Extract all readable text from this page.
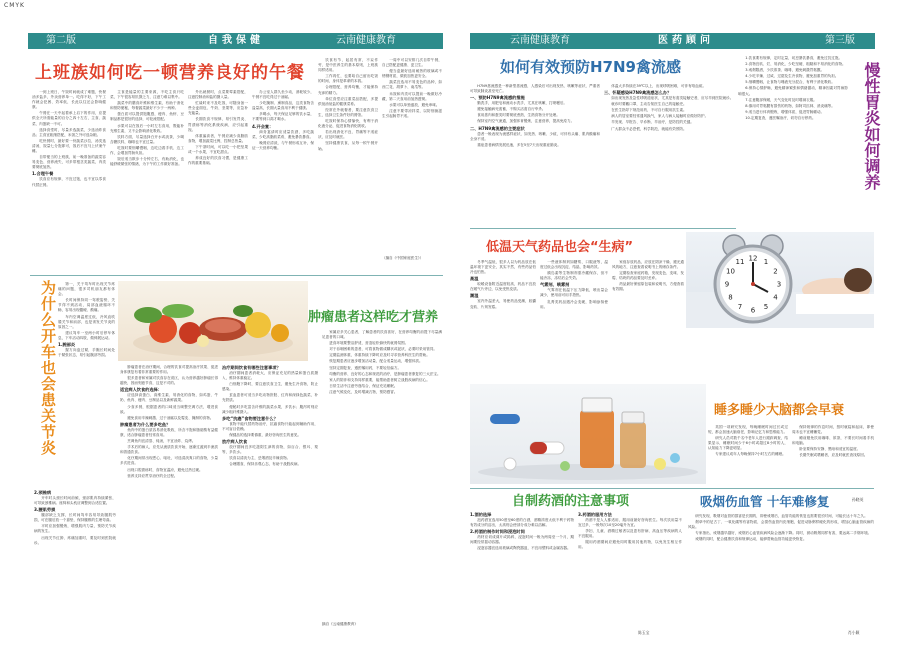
CMYK
第二版	自我保健	云南健康教育
上班族如何吃一顿营养良好的午餐

一到上班日，午饭时间就成了难题，快餐油多盐多，外卖营养单一。吃得不好，下午工作就会犯困、效率低，长此以往还会影响健康。

午餐在一天中起着承上启下的作用，应提供全天所需能量的百分之四十左右，主食、蔬菜、肉蛋缺一不可。

选择食堂时，尽量多选蔬菜，少选油炸食品；主食宜粗细搭配，米饭之外可选杂粮。

吃快餐时，最好要一份蔬菜沙拉，汤类选清汤，饭量七分饱即可，饭后不宜马上伏案午睡。

自带便当的上班族，前一晚准备的蔬菜容易变色、营养流失，可多带根茎类蔬菜，肉类要彻底加热。

1.合理午餐

饮食应有规律，不宜过饱，也不宜以零食代替正餐。

主食是能量的主要来源，不吃主食只吃菜，下午很容易饥饿乏力，注意力难以集中。

蔬菜中的膳食纤维和维生素，有助于消化和预防便秘，每餐蔬菜最好不少于一两种。

蛋白质可以提供饱腹感，瘦肉、鱼虾、豆制品都是很好的选择，可轮流搭配。

水果可以在饭后一小时左右食用，既能补充维生素，又不会影响消化吸收。

饮料方面，尽量选择白开水或淡茶，少喝含糖饮料，咖啡也不宜过量。

吃饭时要细嚼慢咽，边吃边看手机、边工作，会增加胃肠负担。

饭后适当散步十分钟左右，有助消化，也能舒缓紧张的情绪，为下午的工作做好准备。

外出就餐时，点菜要荤素搭配，注意控制油和盐的摄入量。

忙碌时来不及吃饭，可随身备一些全麦面包、牛奶、坚果等，应急补充能量。

长期饮食不规律，易引发胃炎、胃溃疡等消化系统疾病，应引起重视。

体重偏高者，午餐应减少高脂肪食物，增加蔬菜比例，控制总热量。

下午茶时间，可以吃一小把坚果或一个水果，不宜吃甜点。

养成良好的饮食习惯，是健康工作的重要基础。

办公室人群久坐少动，消耗较少，午餐不宜吃得过于油腻。

少吃腌制、熏制食品，这类食物含盐量高，长期大量食用不利于健康。

多喝水，每天保证足够的饮水量，不要等到口渴才喝水。

4.开会宴：

商务宴请时应适量饮酒，多吃蔬菜，少吃高脂肪菜肴，避免暴饮暴食。

晚餐应清淡，与午餐形成互补，保证一天营养均衡。

饮食有节，起居有常，不妄作劳，是中医养生的基本原则，上班族同样适用。

工作再忙，也要给自己留出吃饭的时间，身体是革命的本钱。

合理搭配，营养均衡，才能保持充沛的精力。

单位食堂应注重菜品搭配，多提供低油低盐的健康菜肴。

经常在外就餐者，要注意饮食卫生，选择卫生条件好的餐馆。

吃饭时保持心情愉快，有利于消化液分泌，促进食物消化吸收。

若出现消化不良、胃痛等不适症状，应及时就医。

坚持健康饮食，从每一顿午餐开始。

一周中可以安排几次自带午餐，自己搭配更健康、更卫生。

便当盒最好选用耐热的玻璃或不锈钢材质，微波加热更安全。

蔬菜宜选用不易变色的品种，如西兰花、胡萝卜、南瓜等。

米饭和肉类可以提前一晚做好冷藏，第二天食用前加热透彻。

水果可以单独盛放，避免串味。

注意不要带凉拌菜，以防细菌滋生引起肠胃不适。

（摘自《中国家庭医生》）
为什么开车也会患关节炎	第一，关于驾车时出现关节疼痛的问题，很多司机朋友都有体会。

长时间保持同一驾驶姿势，关节得不到活动，局部血液循环不畅，容易出现僵硬、酸痛。

车内空调温度过低，冷风直吹膝关节和肩部，也是诱发关节炎的原因之一。

建议驾车一至两小时后停车休息，下车活动四肢，做伸展运动。

1.腕部炎

握方向盘过紧，手腕长时间处于紧张状态，易引起腕部劳损。

2.颈椎病

开车时头颈长时间前倾，颈部肌肉持续紧张，可导致颈椎病。座椅和头枕应调整到合适位置。

3.腰肌劳损

腰部缺乏支撑，长时间驾车容易导致腰肌劳损，可在腰后放一个靠垫，保持腰椎的生理弯曲。

平时应加强锻炼，增强肌肉力量，预防关节疾病的发生。

出现关节红肿、疼痛加重时，要及时到医院就诊。

肿瘤患者这样吃才营养

肿瘤患者在治疗期间，合理的饮食对提高治疗效果、促进身体康复有着非常重要的作用。

很多患者和家属对饮食存在误区，认为营养越好肿瘤长得越快，因而刻意节食，这是不对的。

适宜病人饮食的选择：

应选择高蛋白、高维生素、易消化的食物，如鸡蛋、牛奶、鱼肉、瘦肉、豆制品以及新鲜蔬果。

少食多餐，根据患者的口味适当调整烹调方法，增进食欲。

避免食用辛辣刺激、过于油腻以及霉变、腌制的食物。

肿瘤患者为什么要多吃鱼？

鱼肉中的蛋白质容易消化吸收，所含不饱和脂肪酸有益健康，适合肿瘤患者经常食用。

烹调鱼肉宜清蒸、炖汤，不宜油炸、烧烤。

手术后的病人，应先从流质饮食开始，逐渐过渡到半流质和普通饮食。

化疗期间常出现恶心、呕吐，可选清淡爽口的食物，少量多次进食。

出现口腔溃疡时，食物宜温凉，避免过热过硬。

营养支持应贯穿治疗的全过程。

治疗期间饮食有哪些注意事项？

治疗期间患者消耗大，应保证充足的热量和蛋白质摄入，维持体重稳定。

白细胞下降时，要注意饮食卫生，避免生冷食物，防止感染。

贫血患者可适当多吃动物肝脏、红肉和深绿色蔬菜，补充铁质。

便秘时多吃富含纤维的蔬菜水果，多饮水；腹泻时则应减少粗纤维摄入。

多吃“抗癌”食物要注意什么？

食物不能代替药物治疗，抗癌食物只能起到辅助作用，不可盲目依赖。

保健品的选择要慎重，最好咨询医生的意见。

放疗病人饮食

放疗期间宜多吃滋阴生津的食物，如百合、银耳、梨等，多饮水。

饮食以清淡为主，忌烟酒及辛辣食物。

合理膳食，保持乐观心态，有助于战胜疾病。

家属应多关心患者，了解患者的饮食喜好，在营养均衡的前提下尽量满足患者的口味。

进食环境要整洁舒适，营造轻松愉快的就餐氛围。

对于吞咽困难的患者，可将食物做成糊状或泥状，必要时采用管饲。

定期监测体重，体重持续下降时应及时寻求营养科医生的帮助。

恢复期患者应逐步增加活动量，配合适量运动，增强体质。

坚持定期复查，遵医嘱用药，不要轻信偏方。

均衡的营养、良好的心态和规范的治疗，是肿瘤患者康复的三大法宝。

家人的陪伴和支持同样重要，能帮助患者树立战胜疾病的信心。

日常生活中注意劳逸结合，保证充足睡眠。

注意气候变化，及时增减衣物，预防感冒。

摘自《云南健康教育》
云南健康教育	医药顾问	第三版
如何有效预防H7N9禽流感

H7N9禽流感是一种新型禽流感，人感染后可出现发热、咳嗽等症状，严重者可导致肺炎甚至死亡。

一、预防H7N9禽流感的措施

勤洗手，用肥皂和流动水洗手，尤其在咳嗽、打喷嚏后。

避免接触病死禽畜，不购买活禽自行宰杀。

食用禽肉和蛋类时要彻底煮熟，生熟食物分开处理。

保持室内空气流通，加强体育锻炼，注意营养，提高免疫力。

二、H7N9禽流感的主要症状

患者一般表现为流感样症状，如发热、咳嗽、少痰，可伴有头痛、肌肉酸痛和全身不适。

重症患者病情发展迅速，多在5至7天出现重症肺炎。

体温大多持续在39℃以上，出现呼吸困难，可伴有咯血痰。

三、怀疑感染H7N9禽流感怎么办？

如出现发热及急性呼吸道症状，尤其是有禽类接触史者，应尽早到医院就诊。

就诊时要戴口罩，主动告知医生自己的接触史。

在医生指导下规范用药，不可自行服用抗生素。

病人的居室要经常通风换气，家人与病人接触时应做好防护。

早发现、早报告、早诊断、早治疗，是防控的关键。

广大群众不必恐慌，科学防范，就能有效预防。

1.饮食要有规律，定时定量，切忌暴饮暴食，避免过饥过饱。

2.食物宜软、烂、易消化，少吃坚硬、粗糙和不易消化的食物。

3.戒烟限酒，少饮浓茶、咖啡，避免刺激胃黏膜。

4.少吃辛辣、过咸、过甜及生冷食物，避免加重胃的负担。

5.细嚼慢咽，让食物与唾液充分混合，有利于消化吸收。

6.保持心情舒畅，避免精神紧张和情绪激动，精神因素对胃病影响很大。

7.注意腹部保暖，天气变化时及时增减衣服。

8.慎用对胃黏膜有损伤的药物，如阿司匹林、消炎痛等。

9.适当进行体育锻炼，增强体质，促进胃肠蠕动。

10.定期复查，遵医嘱治疗，切勿自行停药。	慢性胃炎如何调养
低温天气药品也会“生病”

冬季气温低，很多人以为药品放在低温环境下更安全，其实不然，有些药品怕冷也怕热。

高温

取暖设备附近温度较高，药品不宜放在暖气片旁边，以免受热变质。

潮湿

室内外温差大，易使药品受潮，胶囊变软、片剂发霉。

一些液体制剂如糖浆、口服液等，温度过低会出现沉淀、结晶，影响药效。

胰岛素等生物制剂需冷藏保存，但不能冷冻，冻结后会失效。

气雾剂、喷雾剂

气雾剂在低温下压力降低，喷出量会减少，使用前可用手捂热。

乳膏类药品遇冷会变硬，影响涂抹使用。

家庭存放药品，应放在阴凉干燥、避光通风的地方，注意查看说明书上的储存条件。

定期检查家庭药箱，发现变色、变味、发霉、结块的药品要及时丢弃。

药品最好保留原包装和说明书，方便查看有效期。

12 1
2
3
4
5
6
7
8
9
10
11
睡多睡少大脑都会早衰

英国一项研究发现，每晚睡眠时间过长或过短，都会加速大脑衰老，影响记忆力和思维能力。

研究人员对数千名中老年人进行跟踪调查，结果显示，睡眠时间少于6小时或超过8小时的人，认知能力下降更明显。

专家建议成年人每晚保持7小时左右的睡眠。

保持规律的作息时间，按时就寝和起床，即使周末也不宜睡懒觉。

睡前避免饮用咖啡、浓茶，不要长时间看手机和电脑。

卧室要保持安静、黑暗和适宜的温度。

长期失眠或嗜睡者，应及时就医查找原因。

孙晓英
自制药酒的注意事项
1.酒的选择

泡药酒宜选用50度至60度的白酒，酒精浓度太低不利于药物有效成分的溶出，太高则会使部分成分难以溶解。

2.药酒的制作时间和浸泡时间

药材应切成薄片或捣碎，浸泡时间一般为两周至一个月，期间要经常摇动容器。

浸泡容器宜选用玻璃或陶瓷器皿，不宜用塑料或金属容器。

3.药酒的服用方法

药酒不是人人都适用，服用前最好咨询医生。每次饮用量不宜过多，一般每次10至20毫升为宜。

孕妇、儿童、酒精过敏者以及患有肝病、高血压等疾病的人不宜服用。

服用药酒期间应避免同时服用其他药物，以免发生相互作用。

陈玉宝
吸烟伤血管 十年难修复

研究发现，吸烟对血管的损害是长期的，即使戒烟后，血管功能的恢复也需要很长时间，可能长达十年之久。

烟草中的尼古丁、一氧化碳等有害物质，会损伤血管内皮细胞，促进动脉粥样硬化的形成，增加心脑血管疾病的风险。

专家指出，戒烟越早越好，戒烟后心血管疾病风险会逐渐下降。同时，被动吸烟同样有害，要远离二手烟环境。

戒烟的同时，配合健康饮食和规律运动，能够帮助血管功能更快恢复。

肖小颖
